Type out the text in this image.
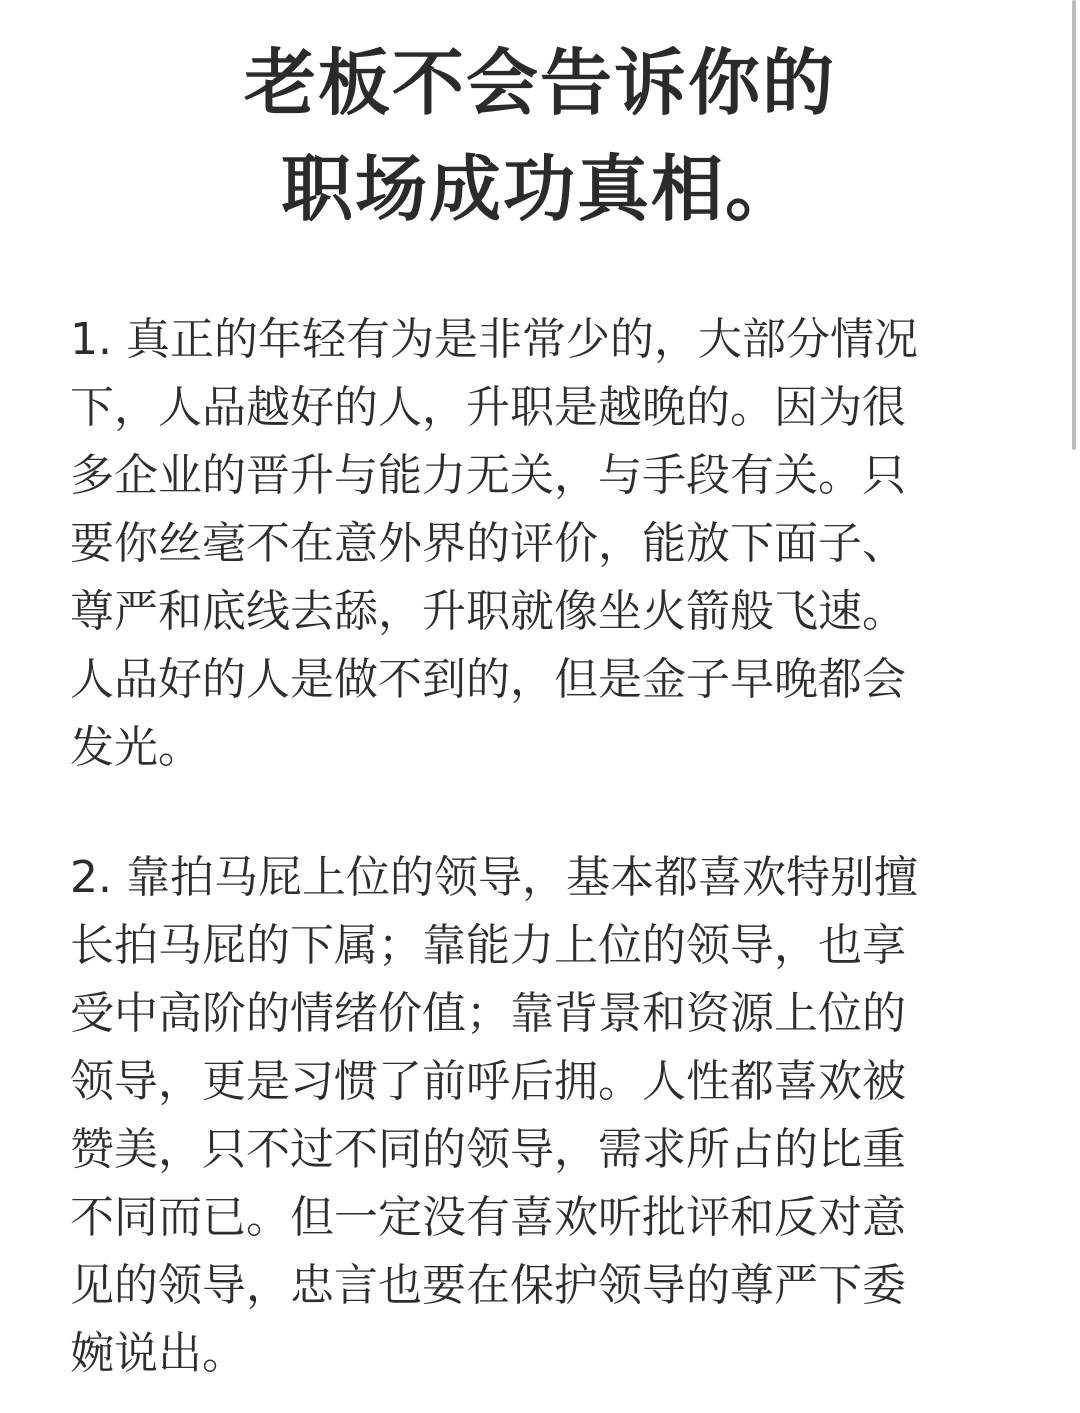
老板不会告诉你的
职场成功真相。
1. 真正的年轻有为是非常少的，大部分情况
下，人品越好的人，升职是越晚的。因为很
多企业的晋升与能力无关，与手段有关。只
要你丝毫不在意外界的评价，能放下面子、
尊严和底线去舔，升职就像坐火箭般飞速。
人品好的人是做不到的，但是金子早晚都会
发光。
2. 靠拍马屁上位的领导，基本都喜欢特别擅
长拍马屁的下属；靠能力上位的领导，也享
受中高阶的情绪价值；靠背景和资源上位的
领导，更是习惯了前呼后拥。人性都喜欢被
赞美，只不过不同的领导，需求所占的比重
不同而已。但一定没有喜欢听批评和反对意
见的领导，忠言也要在保护领导的尊严下委
婉说出。
